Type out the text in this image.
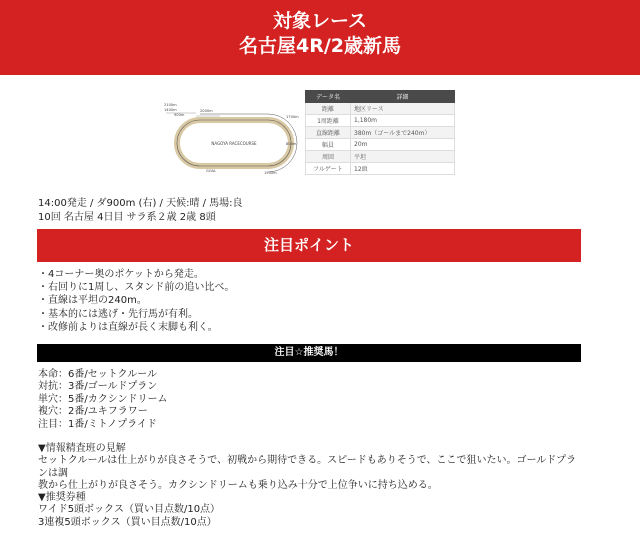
対象レース
名古屋4R/2歳新馬
2100m
1400m
900m
2000m
1700m
800m
GOAL	1500m
NAGOYA RACECOURSE
データ名	詳細
距離	地区リース
1周距離	1,180m
直線距離	380m（ゴールまで240m）
幅員	20m
周回	平坦
フルゲート	12頭
14:00発走 / ダ900m (右) / 天候:晴 / 馬場:良
10回 名古屋 4日目 サラ系２歳 2歳 8頭
注目ポイント
・4コーナー奥のポケットから発走。
・右回りに1周し、スタンド前の追い比べ。
・直線は平坦の240m。
・基本的には逃げ・先行馬が有利。
・改修前よりは直線が長く末脚も利く。
注目☆推奨馬！
本命：6番/セットクルール
対抗：3番/ゴールドプラン
単穴：5番/カクシンドリーム
複穴：2番/ユキフラワー
注目：1番/ミトノプライド

▼情報精査班の見解

セットクルールは仕上がりが良さそうで、初戦から期待できる。スピードもありそうで、ここで狙いたい。ゴールドプランは調

教から仕上がりが良さそう。カクシンドリームも乗り込み十分で上位争いに持ち込める。

▼推奨券種

ワイド5頭ボックス（買い目点数/10点）

3連複5頭ボックス（買い目点数/10点）
